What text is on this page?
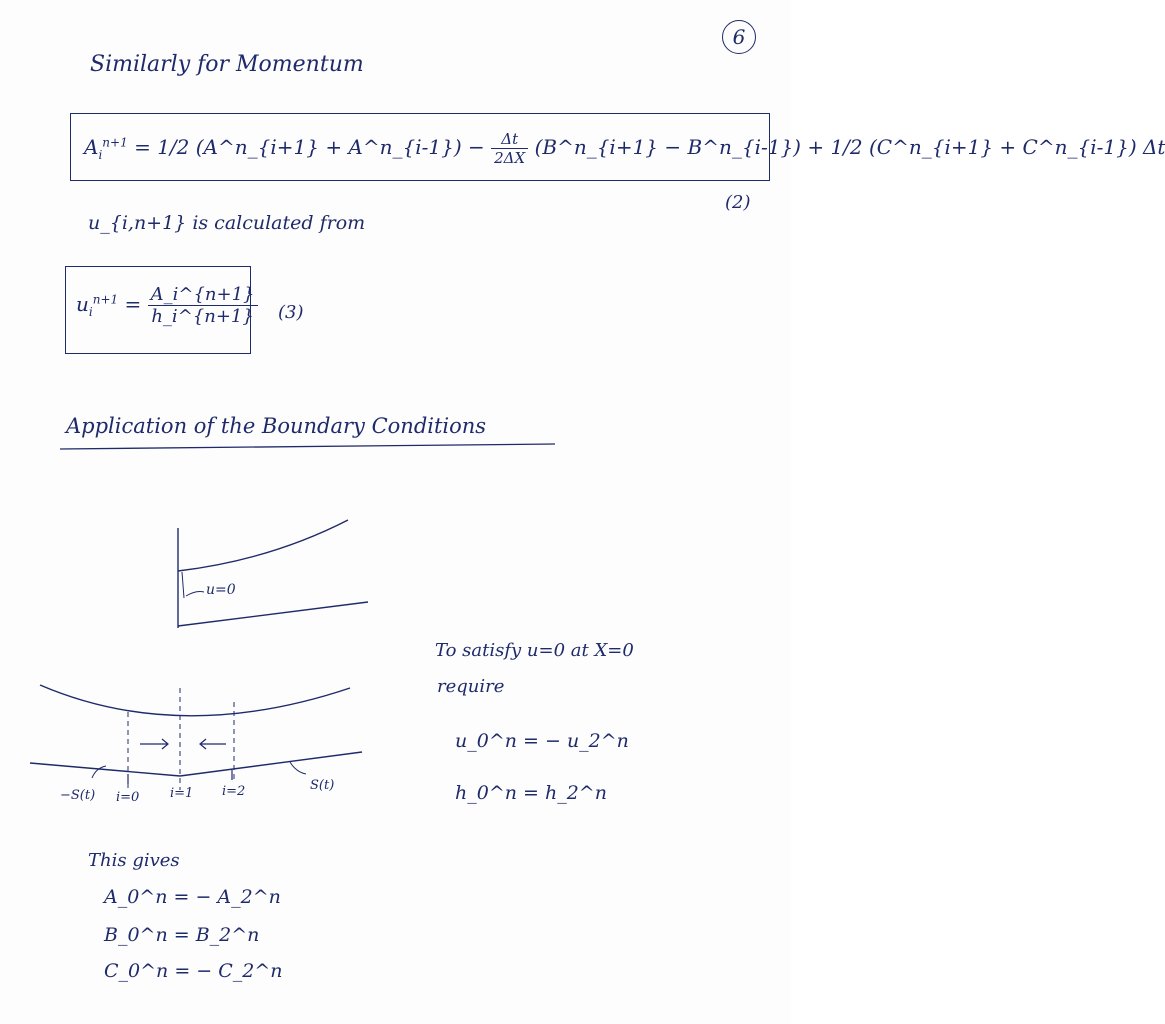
6
Similarly for Momentum
$A_i^{n+1} = 1/2$ (A^n_{i+1} + A^n_{i-1}) − $\frac{\Delta t}{2\Delta X}$ (B^n_{i+1} − B^n_{i-1}) + 1/2 (C^n_{i+1} + C^n_{i-1}) Δt
(2)
u_{i,n+1} is calculated from
$u_i^{n+1} = \frac{A\_i\^{}\{n+1\}}{h\_i\^{}\{n+1\}} (3)$
Application of the Boundary Conditions
u=0
−S(t) i=0 i=1 i=2	S(t)
To satisfy u=0 at X=0
require
u_0^n = − u_2^n
h_0^n = h_2^n
This gives
A_0^n = − A_2^n
B_0^n = B_2^n
C_0^n = − C_2^n
